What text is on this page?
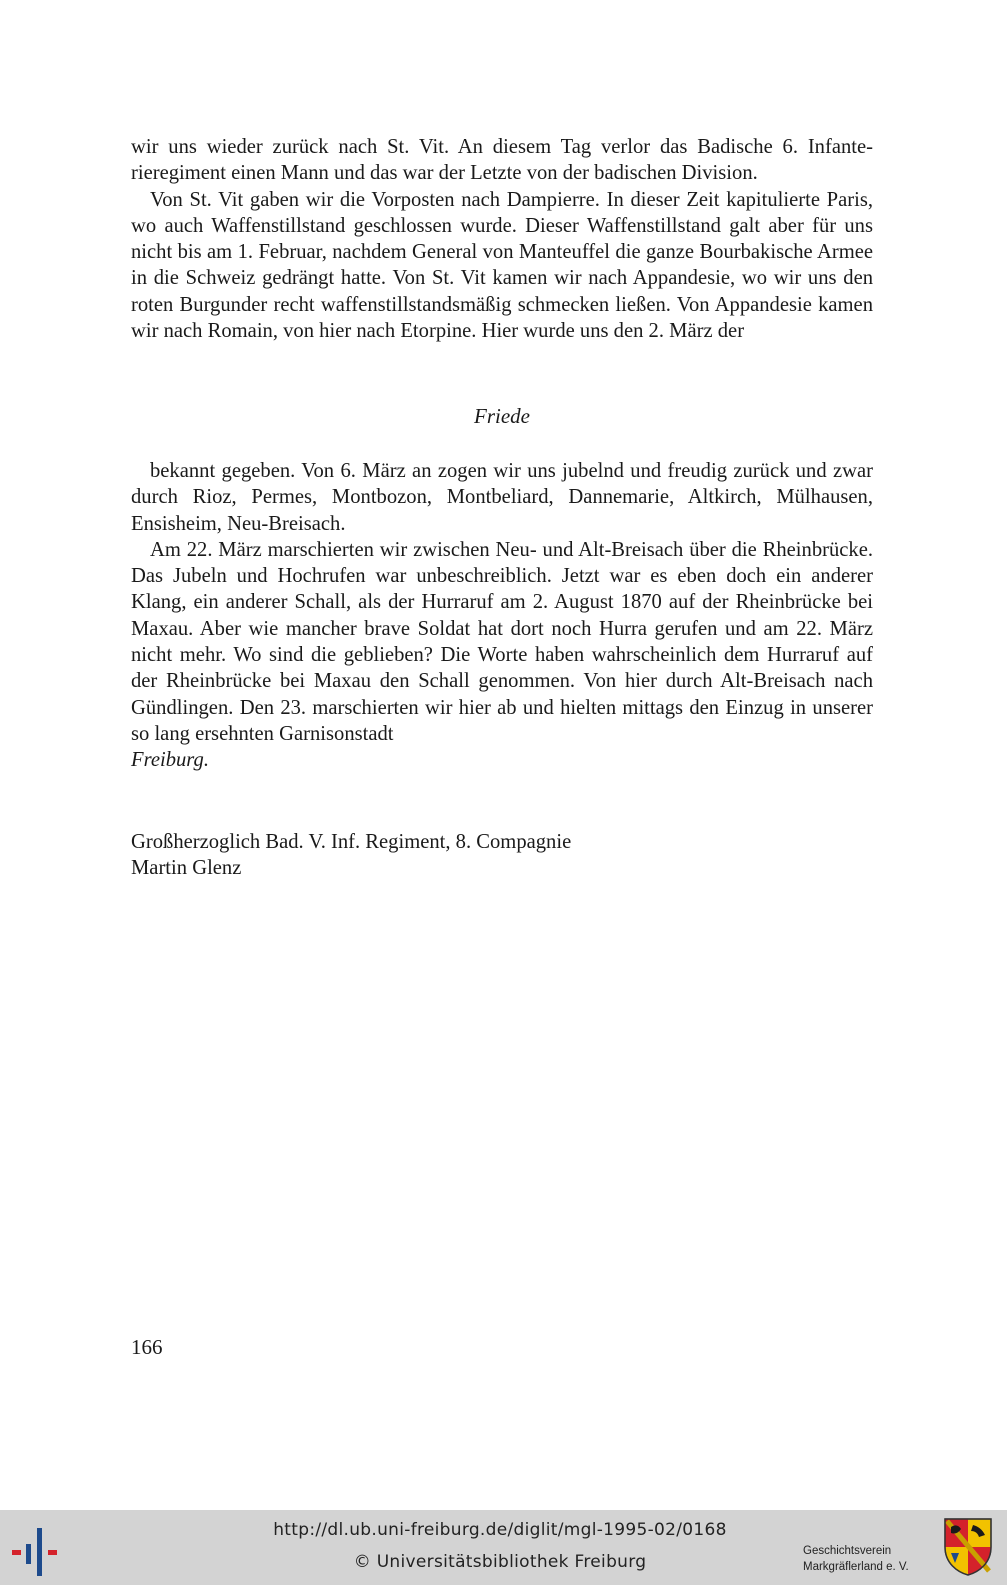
wir uns wieder zurück nach St. Vit. An diesem Tag verlor das Badische 6. Infanterieregiment einen Mann und das war der Letzte von der badischen Division.

Von St. Vit gaben wir die Vorposten nach Dampierre. In dieser Zeit kapitulierte Paris, wo auch Waffenstillstand geschlossen wurde. Dieser Waffenstillstand galt aber für uns nicht bis am 1. Februar, nachdem General von Manteuffel die ganze Bourbakische Armee in die Schweiz gedrängt hatte. Von St. Vit kamen wir nach Appandesie, wo wir uns den roten Burgunder recht waffenstillstandsmäßig schmecken ließen. Von Appandesie kamen wir nach Romain, von hier nach Etorpine. Hier wurde uns den 2. März der

Friede

bekannt gegeben. Von 6. März an zogen wir uns jubelnd und freudig zurück und zwar durch Rioz, Permes, Montbozon, Montbeliard, Dannemarie, Altkirch, Mülhausen, Ensisheim, Neu-Breisach.

Am 22. März marschierten wir zwischen Neu- und Alt-Breisach über die Rheinbrücke. Das Jubeln und Hochrufen war unbeschreiblich. Jetzt war es eben doch ein anderer Klang, ein anderer Schall, als der Hurraruf am 2. August 1870 auf der Rheinbrücke bei Maxau. Aber wie mancher brave Soldat hat dort noch Hurra gerufen und am 22. März nicht mehr. Wo sind die geblieben? Die Worte haben wahrscheinlich dem Hurraruf auf der Rheinbrücke bei Maxau den Schall genommen. Von hier durch Alt-Breisach nach Gündlingen. Den 23. marschierten wir hier ab und hielten mittags den Einzug in unserer so lang ersehnten Garnisonstadt
Freiburg.

Großherzoglich Bad. V. Inf. Regiment, 8. Compagnie
Martin Glenz
166
http://dl.ub.uni-freiburg.de/diglit/mgl-1995-02/0168
© Universitätsbibliothek Freiburg
Geschichtsverein
Markgräflerland e. V.
